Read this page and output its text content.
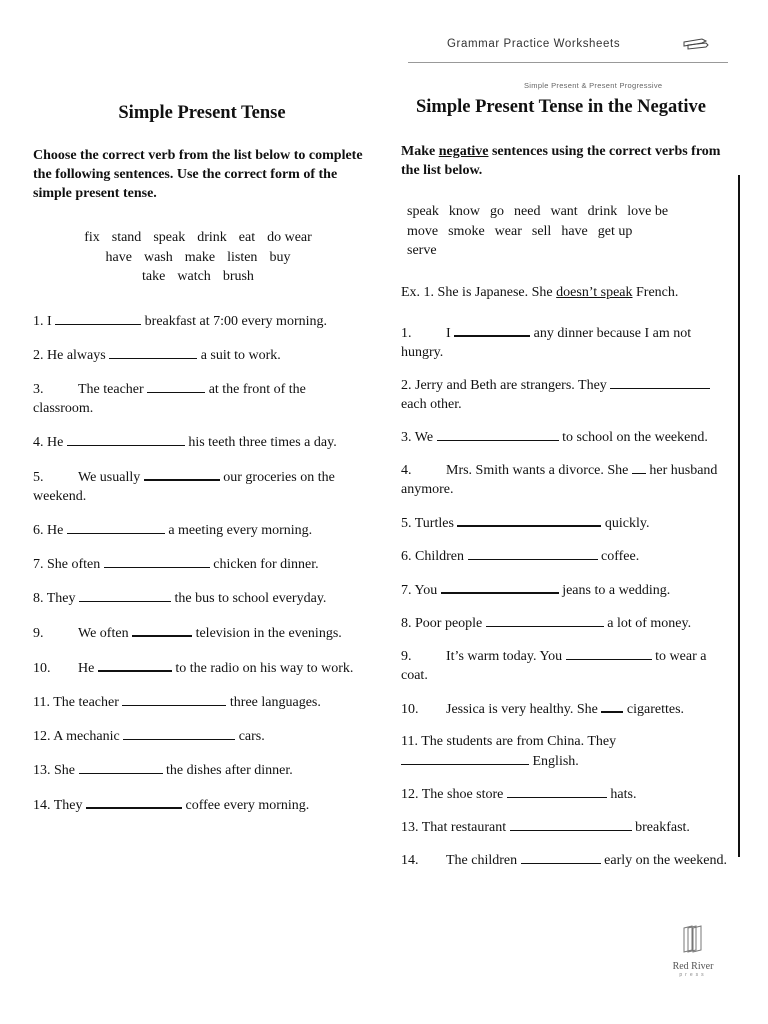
Grammar Practice Worksheets
Simple Present & Present Progressive
Simple Present Tense

Choose the correct verb from the list below to complete the following sentences. Use the correct form of the simple present tense.

fix stand speak drink eat do wear
have wash make listen buy
take watch brush
1. I	breakfast at 7:00 every morning.
2. He always	a suit to work.
3. The teacher	at the front of the classroom.
4. He	his teeth three times a day.
5. We usually	our groceries on the weekend.
6. He	a meeting every morning.
7. She often	chicken for dinner.
8. They	the bus to school everyday.
9. We often	television in the evenings.
10. He	to the radio on his way to work.
11. The teacher	three languages.
12. A mechanic	cars.
13. She	the dishes after dinner.
14. They	coffee every morning.
Simple Present Tense in the Negative

Make negative sentences using the correct verbs from the list below.

speak know go need want drink love be
move smoke wear sell have get up
serve

Ex. 1. She is Japanese. She doesn’t speak French.

1. I	any dinner because I am not hungry.
2. Jerry and Beth are strangers. They  each other.
3. We	to school on the weekend.
4. Mrs. Smith wants a divorce. She  her husband anymore.
5. Turtles	quickly.
6. Children	coffee.
7. You	jeans to a wedding.
8. Poor people	a lot of money.
9. It’s warm today. You	to wear a coat.
10. Jessica is very healthy. She  cigarettes.
11. The students are from China. They  English.
12. The shoe store	hats.
13. That restaurant	breakfast.
14. The children	early on the weekend.
Red River
press
